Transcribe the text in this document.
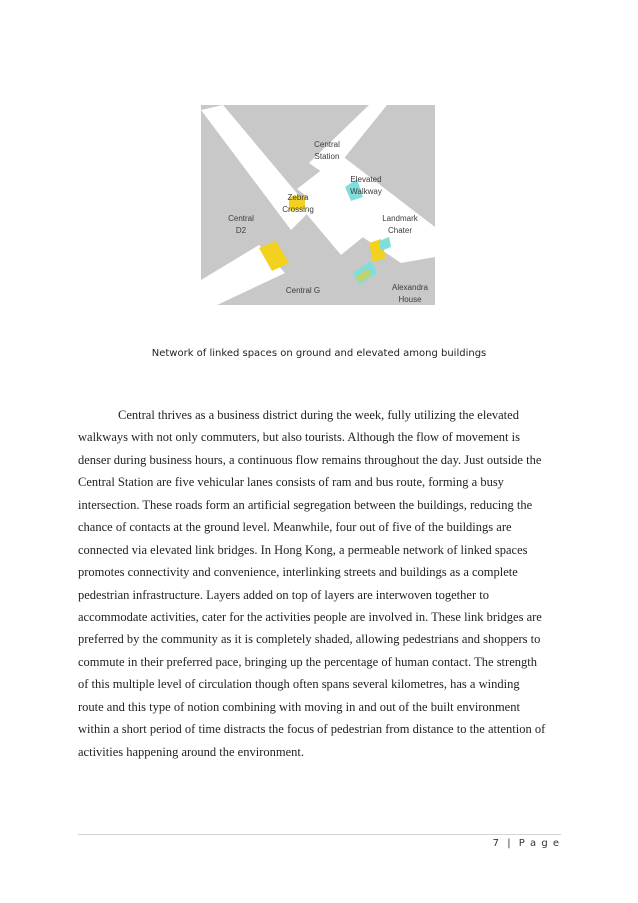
Central
Station
Elevated
Walkway
Zebra
Crossing
Central
D2
Landmark
Chater
Central G	Alexandra
House
Network of linked spaces on ground and elevated among buildings
Central thrives as a business district during the week, fully utilizing the elevated
walkways with not only commuters, but also tourists. Although the flow of movement is
denser during business hours, a continuous flow remains throughout the day. Just outside the
Central Station are five vehicular lanes consists of ram and bus route, forming a busy
intersection. These roads form an artificial segregation between the buildings, reducing the
chance of contacts at the ground level. Meanwhile, four out of five of the buildings are
connected via elevated link bridges. In Hong Kong, a permeable network of linked spaces
promotes connectivity and convenience, interlinking streets and buildings as a complete
pedestrian infrastructure. Layers added on top of layers are interwoven together to
accommodate activities, cater for the activities people are involved in. These link bridges are
preferred by the community as it is completely shaded, allowing pedestrians and shoppers to
commute in their preferred pace, bringing up the percentage of human contact. The strength
of this multiple level of circulation though often spans several kilometres, has a winding
route and this type of notion combining with moving in and out of the built environment
within a short period of time distracts the focus of pedestrian from distance to the attention of
activities happening around the environment.
7 | P a g e
